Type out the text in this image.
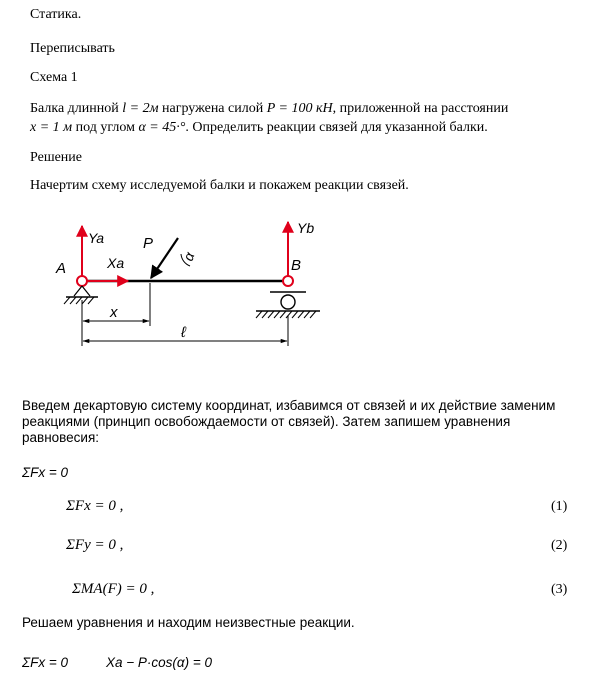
Статика.
Переписывать
Схема 1
Балка длинной l = 2м нагружена силой P = 100 кН, приложенной на расстоянии
x = 1 м под углом α = 45·°. Определить реакции связей для указанной балки.
Решение
Начертим схему исследуемой балки и покажем реакции связей.
Ya
Yb
A	B
Xa
P
α
x
ℓ
Введем декартовую систему координат, избавимся от связей и их действие заменим
реакциями (принцип освобождаемости от связей). Затем запишем уравнения
равновесия:
ΣFx = 0
ΣFx = 0 ,	(1)
ΣFy = 0 ,	(2)
ΣMA(F) = 0 ,	(3)
Решаем уравнения и находим неизвестные реакции.
ΣFx = 0	Xa − P·cos(α) = 0
